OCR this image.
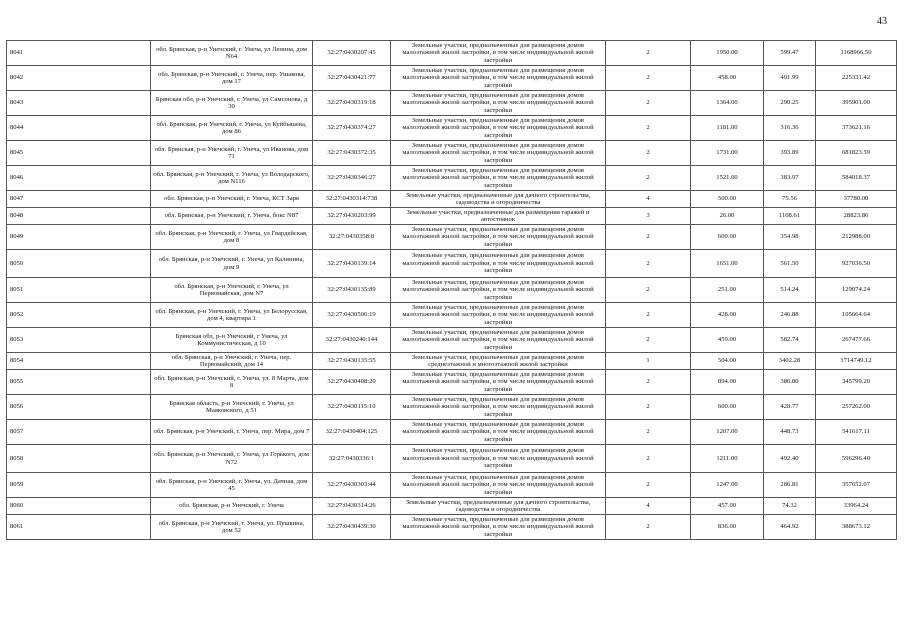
43
8041	обл. Брянская, р-н Унечский, г. Унеча, ул Ленина, дом N64	32:27:0430207:45	Земельные участки, предназначенные для размещения домов малоэтажной жилой застройки, в том числе индивидуальной жилой застройки	2	1950.00	599.47	1168966.50
8042	обл. Брянская, р-н Унечский, г. Унеча, пер. Ушакова, дом 17	32:27:0430421:77	Земельные участки, предназначенные для размещения домов малоэтажной жилой застройки, в том числе индивидуальной жилой застройки	2	458.00	491.99	225331.42
8043	Брянская обл, р-н Унечский, г. Унеча, ул Самсонова, д 30	32:27:0430319:18	Земельные участки, предназначенные для размещения домов малоэтажной жилой застройки, в том числе индивидуальной жилой застройки	2	1364.00	290.25	395901.00
8044	обл. Брянская, р-н Унечский, г. Унеча, ул Куйбышева, дом 86	32:27:0430374:27	Земельные участки, предназначенные для размещения домов малоэтажной жилой застройки, в том числе индивидуальной жилой застройки	2	1181.00	316.36	373621.16
8045	обл. Брянская, р-н Унечский, г. Унеча, ул Иванова, дом 71	32:27:0430372:35	Земельные участки, предназначенные для размещения домов малоэтажной жилой застройки, в том числе индивидуальной жилой застройки	2	1731.00	393.89	681823.59
8046	обл. Брянская, р-н Унечский, г. Унеча, ул Володарского, дом N116	32:27:0430346:27	Земельные участки, предназначенные для размещения домов малоэтажной жилой застройки, в том числе индивидуальной жилой застройки	2	1521.00	383.97	584018.37
8047	обл. Брянская, р-н Унечский, г. Унеча, КСТ Заря	32:27:0430314:738	Земельные участки, предназначенные для дачного строительства, садоводства и огородничества	4	500.00	75.56	37780.00
8048	обл. Брянская, р-н Унечский, г. Унеча, бокс N87	32:27:0430203:99	Земельные участки, предназначенные для размещения гаражей и автостоянок	3	26.00	1108.61	28823.86
8049	обл. Брянская, р-н Унечский, г. Унеча, ул Гвардейская, дом 8	32:27:0430358:8	Земельные участки, предназначенные для размещения домов малоэтажной жилой застройки, в том числе индивидуальной жилой застройки	2	600.00	354.98	212988.00
8050	обл. Брянская, р-н Унечский, г. Унеча, ул Калинина, дом 9	32:27:0430139:14	Земельные участки, предназначенные для размещения домов малоэтажной жилой застройки, в том числе индивидуальной жилой застройки	2	1651.00	561.50	927036.50
8051	обл. Брянская, р-н Унечский, г. Унеча, ул Первомайская, дом N7	32:27:0430135:89	Земельные участки, предназначенные для размещения домов малоэтажной жилой застройки, в том числе индивидуальной жилой застройки	2	251.00	514.24	129074.24
8052	обл. Брянская, р-н Унечский, г. Унеча, ул Белорусская, дом 4, квартира 1	32:27:0430506:19	Земельные участки, предназначенные для размещения домов малоэтажной жилой застройки, в том числе индивидуальной жилой застройки	2	428.00	246.88	105664.64
8053	Брянская обл, р-н Унечский, г Унеча, ул Коммунистическая, д 10	32:27:0430240:144	Земельные участки, предназначенные для размещения домов малоэтажной жилой застройки, в том числе индивидуальной жилой застройки	2	459.00	582.74	267477.66
8054	обл. Брянская, р-н Унечский, г. Унеча, пер. Первомайский, дом 14	32:27:0430135:55	Земельные участки, предназначенные для размещения домов среднеэтажной и многоэтажной жилой застройки	1	504.00	3402.28	1714749.12
8055	обл. Брянская, р-н Унечский, г. Унеча, ул. 8 Марта, дом 8	32:27:0430408:20	Земельные участки, предназначенные для размещения домов малоэтажной жилой застройки, в том числе индивидуальной жилой застройки	2	894.00	386.80	345799.20
8056	Брянская область, р-н Унечский, г. Унеча, ул Маяковского, д 51	32:27:0430115:10	Земельные участки, предназначенные для размещения домов малоэтажной жилой застройки, в том числе индивидуальной жилой застройки	2	600.00	428.77	257262.00
8057	обл. Брянская, р-н Унечский, г. Унеча, пер. Мира, дом 7	32:27:0430404:125	Земельные участки, предназначенные для размещения домов малоэтажной жилой застройки, в том числе индивидуальной жилой застройки	2	1207.00	448.73	541617.11
8058	обл. Брянская, р-н Унечский, г. Унеча, ул Горького, дом N72	32:27:0430336:1	Земельные участки, предназначенные для размещения домов малоэтажной жилой застройки, в том числе индивидуальной жилой застройки	2	1211.00	492.40	596296.40
8059	обл. Брянская, р-н Унечский, г. Унеча, ул. Дачная, дом 45	32:27:0430303:44	Земельные участки, предназначенные для размещения домов малоэтажной жилой застройки, в том числе индивидуальной жилой застройки	2	1247.00	286.81	357652.07
8060	обл. Брянская, р-н Унечский, г. Унеча	32:27:0430314:26	Земельные участки, предназначенные для дачного строительства, садоводства и огородничества	4	457.00	74.32	33964.24
8061	обл. Брянская, р-н Унечский, г. Унеча, ул. Пушкина, дом 52	32:27:0430439:30	Земельные участки, предназначенные для размещения домов малоэтажной жилой застройки, в том числе индивидуальной жилой застройки	2	836.00	464.92	388673.12
